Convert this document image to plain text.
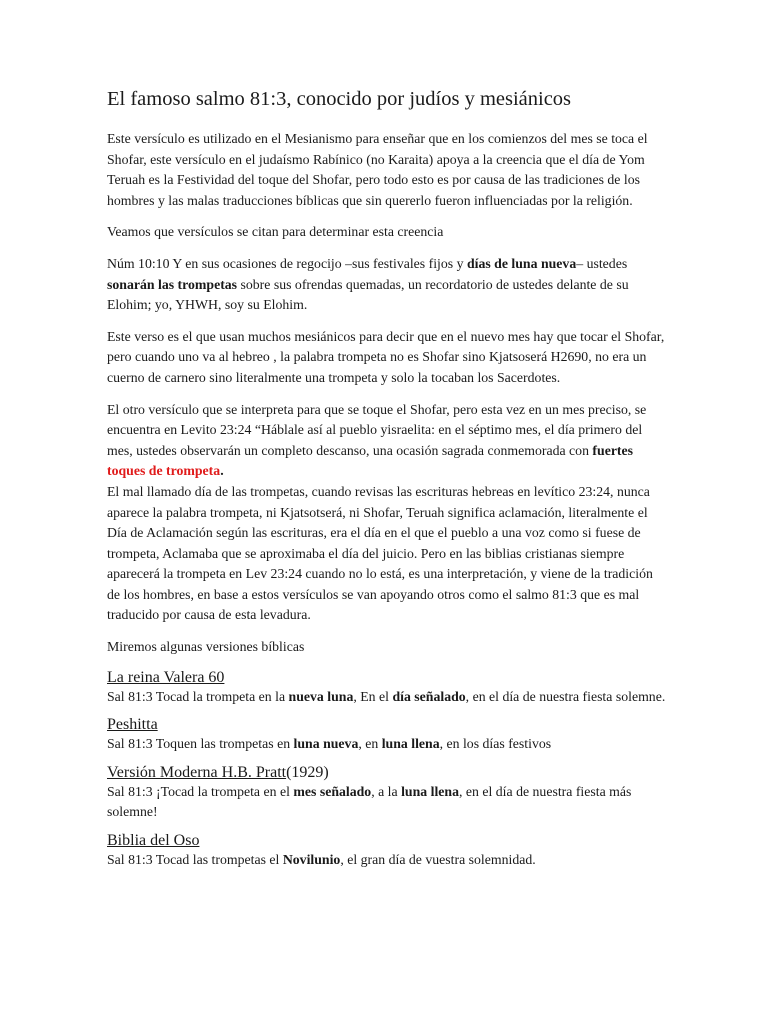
El famoso salmo 81:3, conocido por judíos y mesiánicos

Este versículo es utilizado en el Mesianismo para enseñar que en los comienzos del mes se toca el Shofar, este versículo en el judaísmo Rabínico (no Karaita) apoya a la creencia que el día de Yom Teruah es la Festividad del toque del Shofar, pero todo esto es por causa de las tradiciones de los hombres y las malas traducciones bíblicas que sin quererlo fueron influenciadas por la religión.

Veamos que versículos se citan para determinar esta creencia

Núm 10:10 Y en sus ocasiones de regocijo –sus festivales fijos y días de luna nueva– ustedes sonarán las trompetas sobre sus ofrendas quemadas, un recordatorio de ustedes delante de su Elohim; yo, YHWH, soy su Elohim.

Este verso es el que usan muchos mesiánicos para decir que en el nuevo mes hay que tocar el Shofar, pero cuando uno va al hebreo , la palabra trompeta no es Shofar sino Kjatsoserá H2690, no era un cuerno de carnero sino literalmente una trompeta y solo la tocaban los Sacerdotes.

El otro versículo que se interpreta para que se toque el Shofar, pero esta vez en un mes preciso, se encuentra en Levito 23:24 “Háblale así al pueblo yisraelita: en el séptimo mes, el día primero del mes, ustedes observarán un completo descanso, una ocasión sagrada conmemorada con fuertes toques de trompeta.

El mal llamado día de las trompetas, cuando revisas las escrituras hebreas en levítico 23:24, nunca aparece la palabra trompeta, ni Kjatsotserá, ni Shofar, Teruah significa aclamación, literalmente el Día de Aclamación según las escrituras, era el día en el que el pueblo a una voz como si fuese de trompeta, Aclamaba que se aproximaba el día del juicio. Pero en las biblias cristianas siempre aparecerá la trompeta en Lev 23:24 cuando no lo está, es una interpretación, y viene de la tradición de los hombres, en base a estos versículos se van apoyando otros como el salmo 81:3 que es mal traducido por causa de esta levadura.

Miremos algunas versiones bíblicas

La reina Valera 60

Sal 81:3 Tocad la trompeta en la nueva luna, En el día señalado, en el día de nuestra fiesta solemne.

Peshitta

Sal 81:3 Toquen las trompetas en luna nueva, en luna llena, en los días festivos

Versión Moderna H.B. Pratt(1929)

Sal 81:3 ¡Tocad la trompeta en el mes señalado, a la luna llena, en el día de nuestra fiesta más solemne!

Biblia del Oso

Sal 81:3 Tocad las trompetas el Novilunio, el gran día de vuestra solemnidad.
